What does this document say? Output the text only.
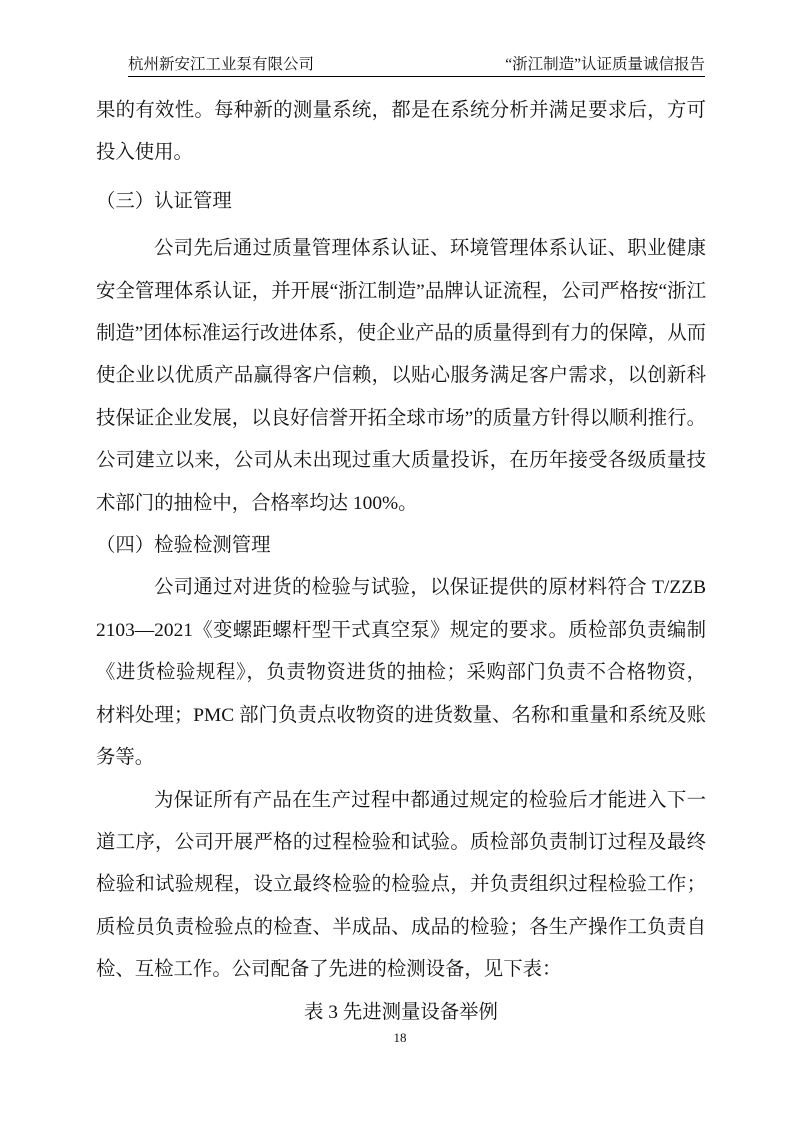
杭州新安江工业泵有限公司	“浙江制造”认证质量诚信报告

果的有效性。每种新的测量系统，都是在系统分析并满足要求后，方可投入使用。

（三）认证管理

公司先后通过质量管理体系认证、环境管理体系认证、职业健康安全管理体系认证，并开展“浙江制造”品牌认证流程，公司严格按“浙江制造”团体标准运行改进体系，使企业产品的质量得到有力的保障，从而使企业以优质产品赢得客户信赖，以贴心服务满足客户需求，以创新科技保证企业发展，以良好信誉开拓全球市场”的质量方针得以顺利推行。公司建立以来，公司从未出现过重大质量投诉，在历年接受各级质量技术部门的抽检中，合格率均达 100%。

（四）检验检测管理

公司通过对进货的检验与试验，以保证提供的原材料符合 T/ZZB 2103—2021《变螺距螺杆型干式真空泵》规定的要求。质检部负责编制《进货检验规程》，负责物资进货的抽检；采购部门负责不合格物资，材料处理；PMC 部门负责点收物资的进货数量、名称和重量和系统及账务等。

为保证所有产品在生产过程中都通过规定的检验后才能进入下一道工序，公司开展严格的过程检验和试验。质检部负责制订过程及最终检验和试验规程，设立最终检验的检验点，并负责组织过程检验工作；质检员负责检验点的检查、半成品、成品的检验；各生产操作工负责自检、互检工作。公司配备了先进的检测设备，见下表：

表 3 先进测量设备举例

18
